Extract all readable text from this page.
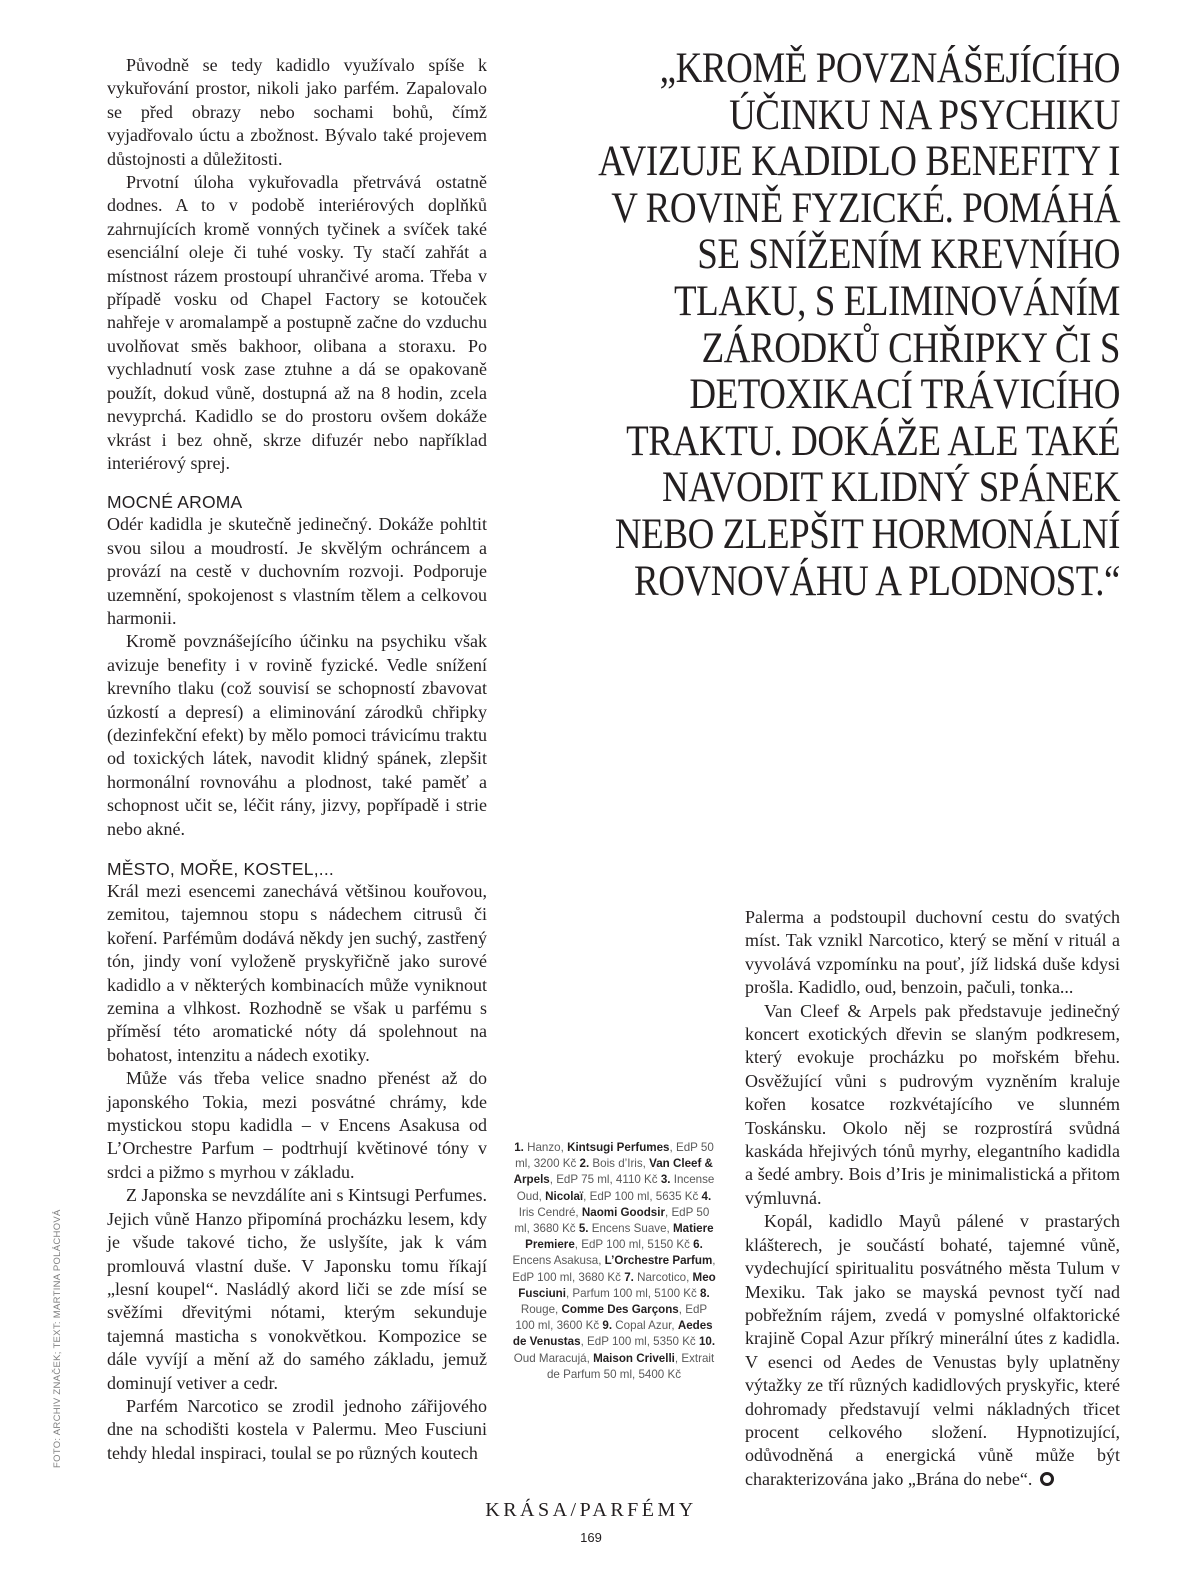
Původně se tedy kadidlo využívalo spíše k vykuřování prostor, nikoli jako parfém. Zapalovalo se před obrazy nebo sochami bohů, čímž vyjadřovalo úctu a zbožnost. Bývalo také projevem důstojnosti a důležitosti.

Prvotní úloha vykuřovadla přetrvává ostatně dodnes. A to v podobě interiérových doplňků zahrnujících kromě vonných tyčinek a svíček také esenciální oleje či tuhé vosky. Ty stačí zahřát a místnost rázem prostoupí uhrančivé aroma. Třeba v případě vosku od Chapel Factory se kotouček nahřeje v aromalampě a postupně začne do vzduchu uvolňovat směs bakhoor, olibana a storaxu. Po vychladnutí vosk zase ztuhne a dá se opakovaně použít, dokud vůně, dostupná až na 8 hodin, zcela nevyprchá. Kadidlo se do prostoru ovšem dokáže vkrást i bez ohně, skrze difuzér nebo například interiérový sprej.

MOCNÉ AROMA

Odér kadidla je skutečně jedinečný. Dokáže pohltit svou silou a moudrostí. Je skvělým ochráncem a provází na cestě v duchovním rozvoji. Podporuje uzemnění, spokojenost s vlastním tělem a celkovou harmonii.

Kromě povznášejícího účinku na psychiku však avizuje benefity i v rovině fyzické. Vedle snížení krevního tlaku (což souvisí se schopností zbavovat úzkostí a depresí) a eliminování zárodků chřipky (dezinfekční efekt) by mělo pomoci trávicímu traktu od toxických látek, navodit klidný spánek, zlepšit hormonální rovnováhu a plodnost, také paměť a schopnost učit se, léčit rány, jizvy, popřípadě i strie nebo akné.

„KROMĚ POVZNÁŠEJÍCÍHO ÚČINKU NA PSYCHIKU AVIZUJE KADIDLO BENEFITY I V ROVINĚ FYZICKÉ. POMÁHÁ SE SNÍŽENÍM KREVNÍHO TLAKU, S ELIMINOVÁNÍM ZÁRODKŮ CHŘIPKY ČI S DETOXIKACÍ TRÁVICÍHO TRAKTU. DOKÁŽE ALE TAKÉ NAVODIT KLIDNÝ SPÁNEK NEBO ZLEPŠIT HORMONÁLNÍ ROVNOVÁHU A PLODNOST.“
MĚSTO, MOŘE, KOSTEL,...

Král mezi esencemi zanechává většinou kouřovou, zemitou, tajemnou stopu s nádechem citrusů či koření. Parfémům dodává někdy jen suchý, zastřený tón, jindy voní vyloženě pryskyřičně jako surové kadidlo a v některých kombinacích může vyniknout zemina a vlhkost. Rozhodně se však u parfému s příměsí této aromatické nóty dá spolehnout na bohatost, intenzitu a nádech exotiky.

Může vás třeba velice snadno přenést až do japonského Tokia, mezi posvátné chrámy, kde mystickou stopu kadidla – v Encens Asakusa od L’Orchestre Parfum – podtrhují květinové tóny v srdci a pižmo s myrhou v základu.

Z Japonska se nevzdálíte ani s Kintsugi Perfumes. Jejich vůně Hanzo připomíná procházku lesem, kdy je všude takové ticho, že uslyšíte, jak k vám promlouvá vlastní duše. V Japonsku tomu říkají „lesní koupel“. Nasládlý akord liči se zde mísí se svěžími dřevitými nótami, kterým sekunduje tajemná masticha s vonokvětkou. Kompozice se dále vyvíjí a mění až do samého základu, jemuž dominují vetiver a cedr.

Parfém Narcotico se zrodil jednoho zářijového dne na schodišti kostela v Palermu. Meo Fusciuni tehdy hledal inspiraci, toulal se po různých koutech

1. Hanzo, Kintsugi Perfumes, EdP 50 ml, 3200 Kč 2. Bois d’Iris, Van Cleef & Arpels, EdP 75 ml, 4110 Kč 3. Incense Oud, Nicolaï, EdP 100 ml, 5635 Kč 4. Iris Cendré, Naomi Goodsir, EdP 50 ml, 3680 Kč 5. Encens Suave, Matiere Premiere, EdP 100 ml, 5150 Kč 6. Encens Asakusa, L’Orchestre Parfum, EdP 100 ml, 3680 Kč 7. Narcotico, Meo Fusciuni, Parfum 100 ml, 5100 Kč 8. Rouge, Comme Des Garçons, EdP 100 ml, 3600 Kč 9. Copal Azur, Aedes de Venustas, EdP 100 ml, 5350 Kč 10. Oud Maracujá, Maison Crivelli, Extrait de Parfum 50 ml, 5400 Kč

Palerma a podstoupil duchovní cestu do svatých míst. Tak vznikl Narcotico, který se mění v rituál a vyvolává vzpomínku na pouť, jíž lidská duše kdysi prošla. Kadidlo, oud, benzoin, pačuli, tonka...

Van Cleef & Arpels pak představuje jedinečný koncert exotických dřevin se slaným podkresem, který evokuje procházku po mořském břehu. Osvěžující vůni s pudrovým vyzněním kraluje kořen kosatce rozkvétajícího ve slunném Toskánsku. Okolo něj se rozprostírá svůdná kaskáda hřejivých tónů myrhy, elegantního kadidla a šedé ambry. Bois d’Iris je minimalistická a přitom výmluvná.

Kopál, kadidlo Mayů pálené v prastarých klášterech, je součástí bohaté, tajemné vůně, vydechující spiritualitu posvátného města Tulum v Mexiku. Tak jako se mayská pevnost tyčí nad pobřežním rájem, zvedá v pomyslné olfaktorické krajině Copal Azur příkrý minerální útes z kadidla. V esenci od Aedes de Venustas byly uplatněny výtažky ze tří různých kadidlových pryskyřic, které dohromady představují velmi nákladných třicet procent celkového složení. Hypnotizující, odůvodněná a energická vůně může být charakterizována jako „Brána do nebe“.

FOTO: ARCHIV ZNAČEK; TEXT: MARTINA POLÁCHOVÁ
KRÁSA/PARFÉMY
169
